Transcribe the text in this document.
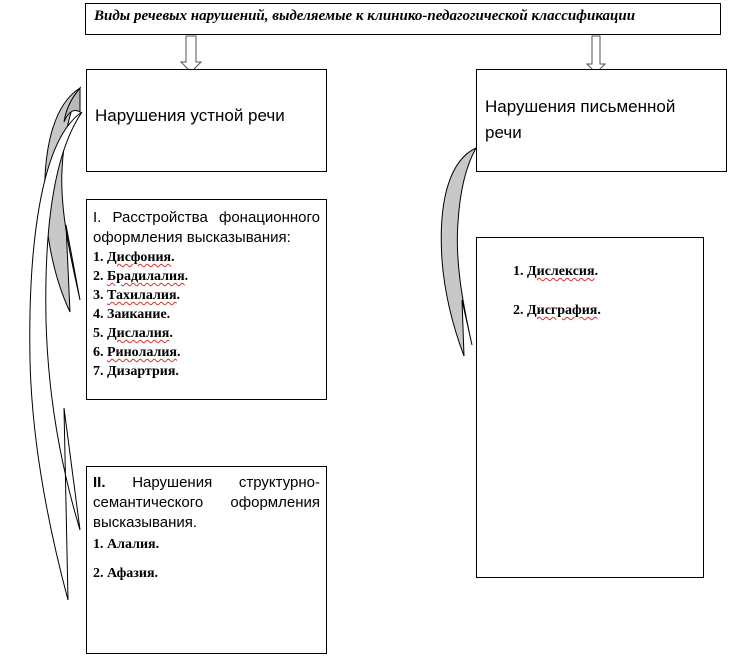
Виды речевых нарушений, выделяемые к клинико-педагогической классификации
Нарушения устной речи	Нарушения письменной речи
I. Расстройства фонационного
оформления высказывания:
1. Дисфония.
2. Брадилалия.
3. Тахилалия.
4. Заикание.
5. Дислалия.
6. Ринолалия.
7. Дизартрия.
II. Нарушения структурно-
семантического оформления
высказывания.
1. Алалия.
2. Афазия.
1. Дислексия.
2. Дисграфия.
